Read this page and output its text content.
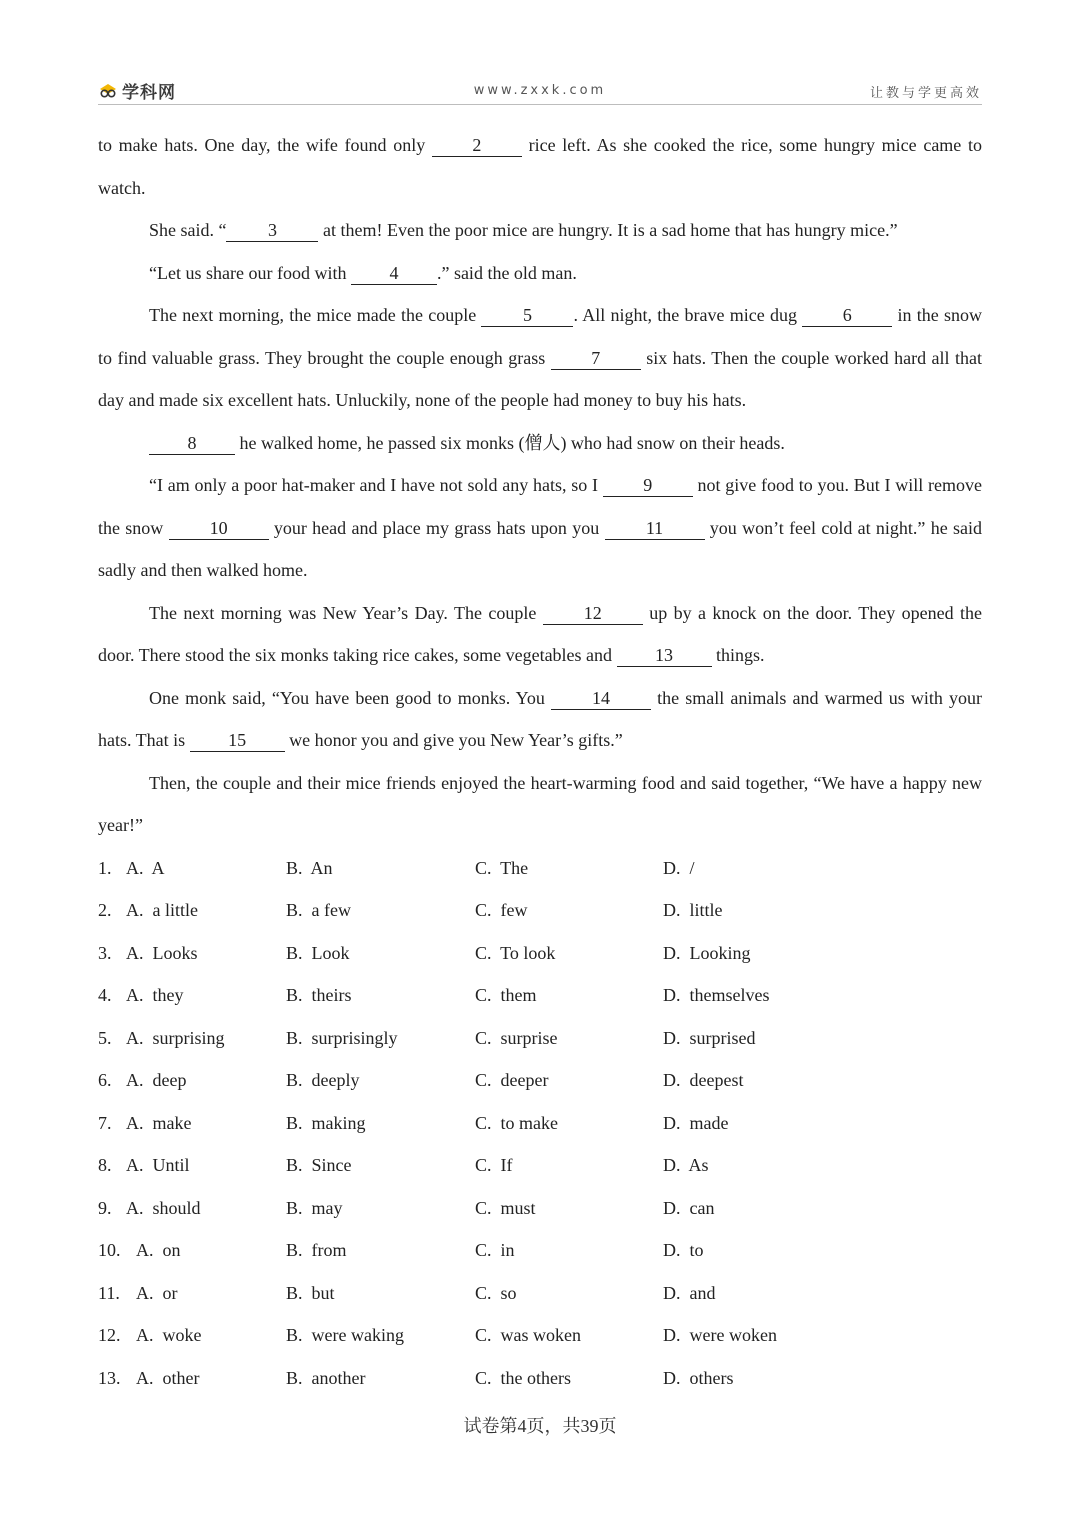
学科网	www.zxxk.com	让教与学更高效
to make hats. One day, the wife found only 2 rice left. As she cooked the rice, some hungry mice came to watch.
She said. “ 3 at them! Even the poor mice are hungry. It is a sad home that has hungry mice.”
“Let us share our food with 4 .” said the old man.
The next morning, the mice made the couple 5 . All night, the brave mice dug 6 in the snow to find valuable grass. They brought the couple enough grass 7 six hats. Then the couple worked hard all that day and made six excellent hats. Unluckily, none of the people had money to buy his hats.
8 he walked home, he passed six monks (僧人) who had snow on their heads.
“I am only a poor hat-maker and I have not sold any hats, so I 9 not give food to you. But I will remove the snow 10 your head and place my grass hats upon you 11 you won’t feel cold at night.” he said sadly and then walked home.
The next morning was New Year’s Day. The couple 12 up by a knock on the door. They opened the door. There stood the six monks taking rice cakes, some vegetables and 13 things.
One monk said, “You have been good to monks. You 14 the small animals and warmed us with your hats. That is 15 we honor you and give you New Year’s gifts.”
Then, the couple and their mice friends enjoyed the heart-warming food and said together, “We have a happy new year!”
1. A.  A	B.  An	C.  The	D.  /
2. A.  a little	B.  a few	C.  few	D.  little
3. A.  Looks	B.  Look	C.  To look	D.  Looking
4. A.  they	B.  theirs	C.  them	D.  themselves
5. A.  surprising	B.  surprisingly	C.  surprise	D.  surprised
6. A.  deep	B.  deeply	C.  deeper	D.  deepest
7. A.  make	B.  making	C.  to make	D.  made
8. A.  Until	B.  Since	C.  If	D.  As
9. A.  should	B.  may	C.  must	D.  can
10. A.  on	B.  from	C.  in	D.  to
11. A.  or	B.  but	C.  so	D.  and
12. A.  woke	B.  were waking	C.  was woken	D.  were woken
13. A.  other	B.  another	C.  the others	D.  others
试卷第4页，共39页
